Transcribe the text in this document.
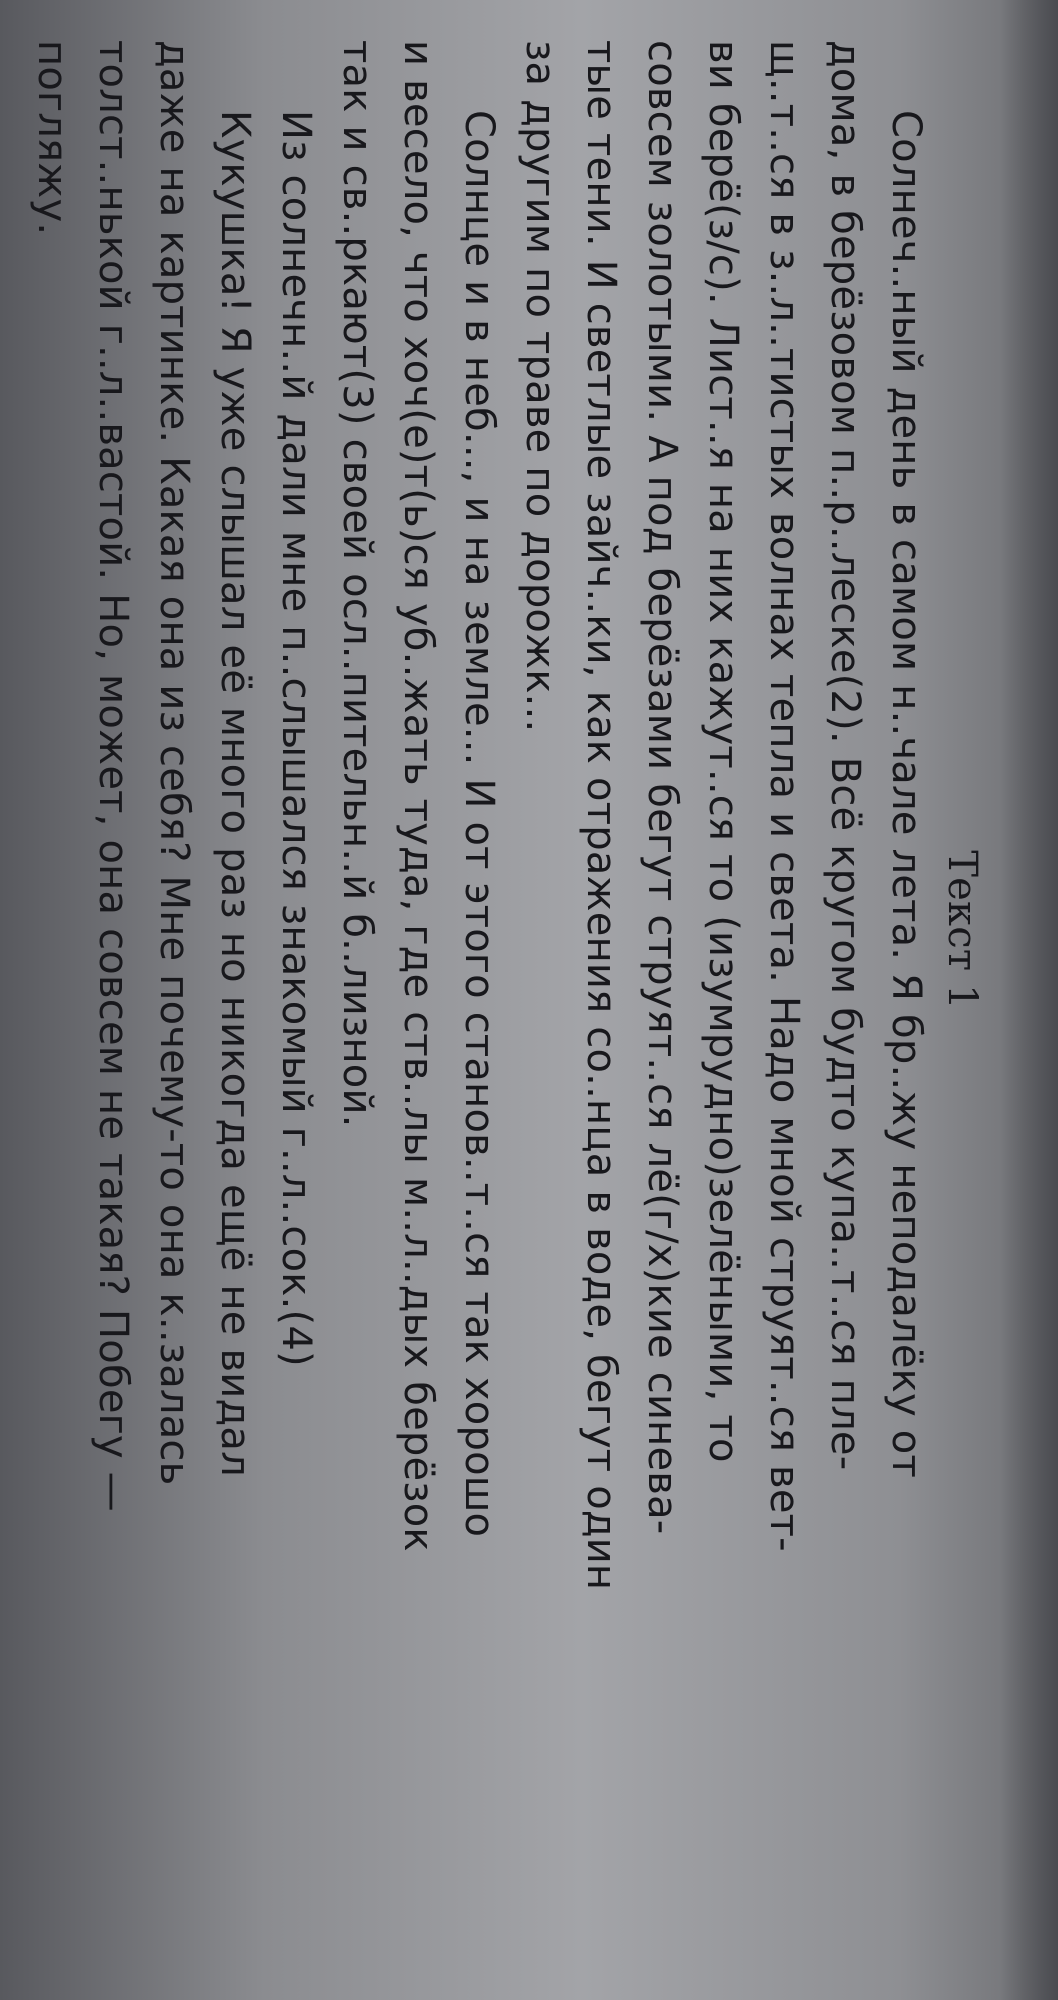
Текст 1
Солнеч..ный день в самом н..чале лета. Я бр..жу неподалёку от
дома, в берёзовом п..р..леске(2). Всё кругом будто купа..т..ся пле-
щ..т..ся в з..л..тистых волнах тепла и света. Надо мной струят..ся вет-
ви берё(з/с). Лист..я на них кажут..ся то (изумрудно)зелёными, то
совсем золотыми. А под берёзами бегут струят..ся лё(г/х)кие синева-
тые тени. И светлые зайч..ки, как отражения со..нца в воде, бегут один
за другим по траве по дорожк...
Солнце и в неб..., и на земле... И от этого станов..т..ся так хорошо
и весело, что хоч(е)т(ь)ся уб..жать туда, где ств..лы м..л..дых берёзок
так и св..ркают(3) своей осл..пительн..й б..лизной.
Из солнечн..й дали мне п..слышался знакомый г..л..сок.(4)
Кукушка! Я уже слышал её много раз но никогда ещё не видал
даже на картинке. Какая она из себя? Мне почему-то она к..залась
толст..нькой г..л..вастой. Но, может, она совсем не такая? Побегу —
погляжу.
